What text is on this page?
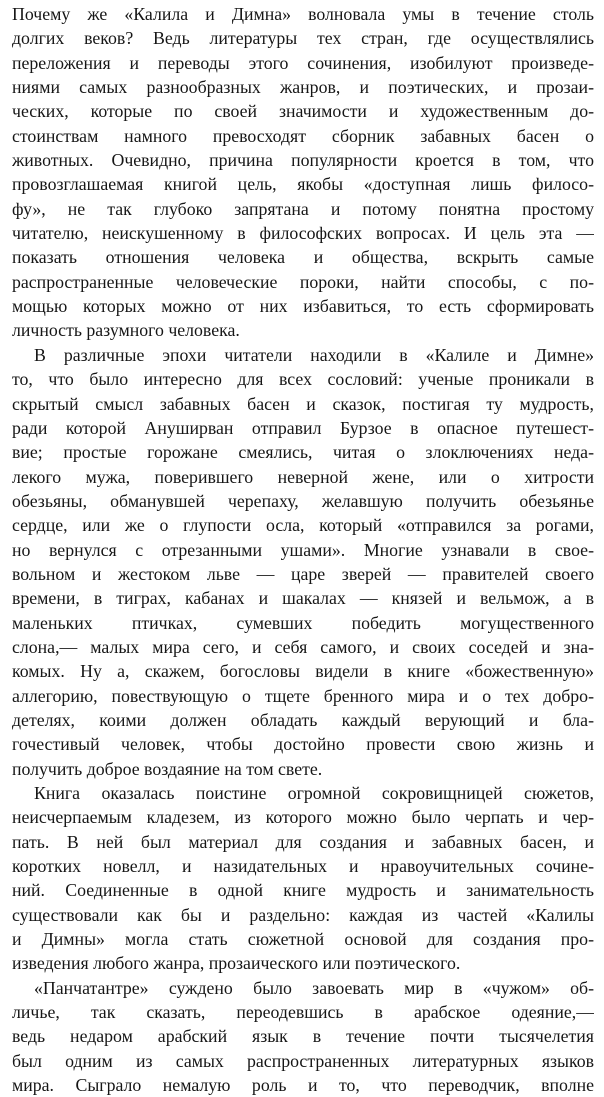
Почему же «Калила и Димна» волновала умы в течение столь
долгих веков? Ведь литературы тех стран, где осуществлялись
переложения и переводы этого сочинения, изобилуют произведе-
ниями самых разнообразных жанров, и поэтических, и прозаи-
ческих, которые по своей значимости и художественным до-
стоинствам намного превосходят сборник забавных басен о
животных. Очевидно, причина популярности кроется в том, что
провозглашаемая книгой цель, якобы «доступная лишь филосо-
фу», не так глубоко запрятана и потому понятна простому
читателю, неискушенному в философских вопросах. И цель эта —
показать отношения человека и общества, вскрыть самые
распространенные человеческие пороки, найти способы, с по-
мощью которых можно от них избавиться, то есть сформировать
личность разумного человека.
В различные эпохи читатели находили в «Калиле и Димне»
то, что было интересно для всех сословий: ученые проникали в
скрытый смысл забавных басен и сказок, постигая ту мудрость,
ради которой Ануширван отправил Бурзое в опасное путешест-
вие; простые горожане смеялись, читая о злоключениях неда-
лекого мужа, поверившего неверной жене, или о хитрости
обезьяны, обманувшей черепаху, желавшую получить обезьянье
сердце, или же о глупости осла, который «отправился за рогами,
но вернулся с отрезанными ушами». Многие узнавали в свое-
вольном и жестоком льве — царе зверей — правителей своего
времени, в тиграх, кабанах и шакалах — князей и вельмож, а в
маленьких птичках, сумевших победить могущественного
слона,— малых мира сего, и себя самого, и своих соседей и зна-
комых. Ну а, скажем, богословы видели в книге «божественную»
аллегорию, повествующую о тщете бренного мира и о тех добро-
детелях, коими должен обладать каждый верующий и бла-
гочестивый человек, чтобы достойно провести свою жизнь и
получить доброе воздаяние на том свете.
Книга оказалась поистине огромной сокровищницей сюжетов,
неисчерпаемым кладезем, из которого можно было черпать и чер-
пать. В ней был материал для создания и забавных басен, и
коротких новелл, и назидательных и нравоучительных сочине-
ний. Соединенные в одной книге мудрость и занимательность
существовали как бы и раздельно: каждая из частей «Калилы
и Димны» могла стать сюжетной основой для создания про-
изведения любого жанра, прозаического или поэтического.
«Панчатантре» суждено было завоевать мир в «чужом» об-
личье, так сказать, переодевшись в арабское одеяние,—
ведь недаром арабский язык в течение почти тысячелетия
был одним из самых распространенных литературных языков
мира. Сыграло немалую роль и то, что переводчик, вполне
